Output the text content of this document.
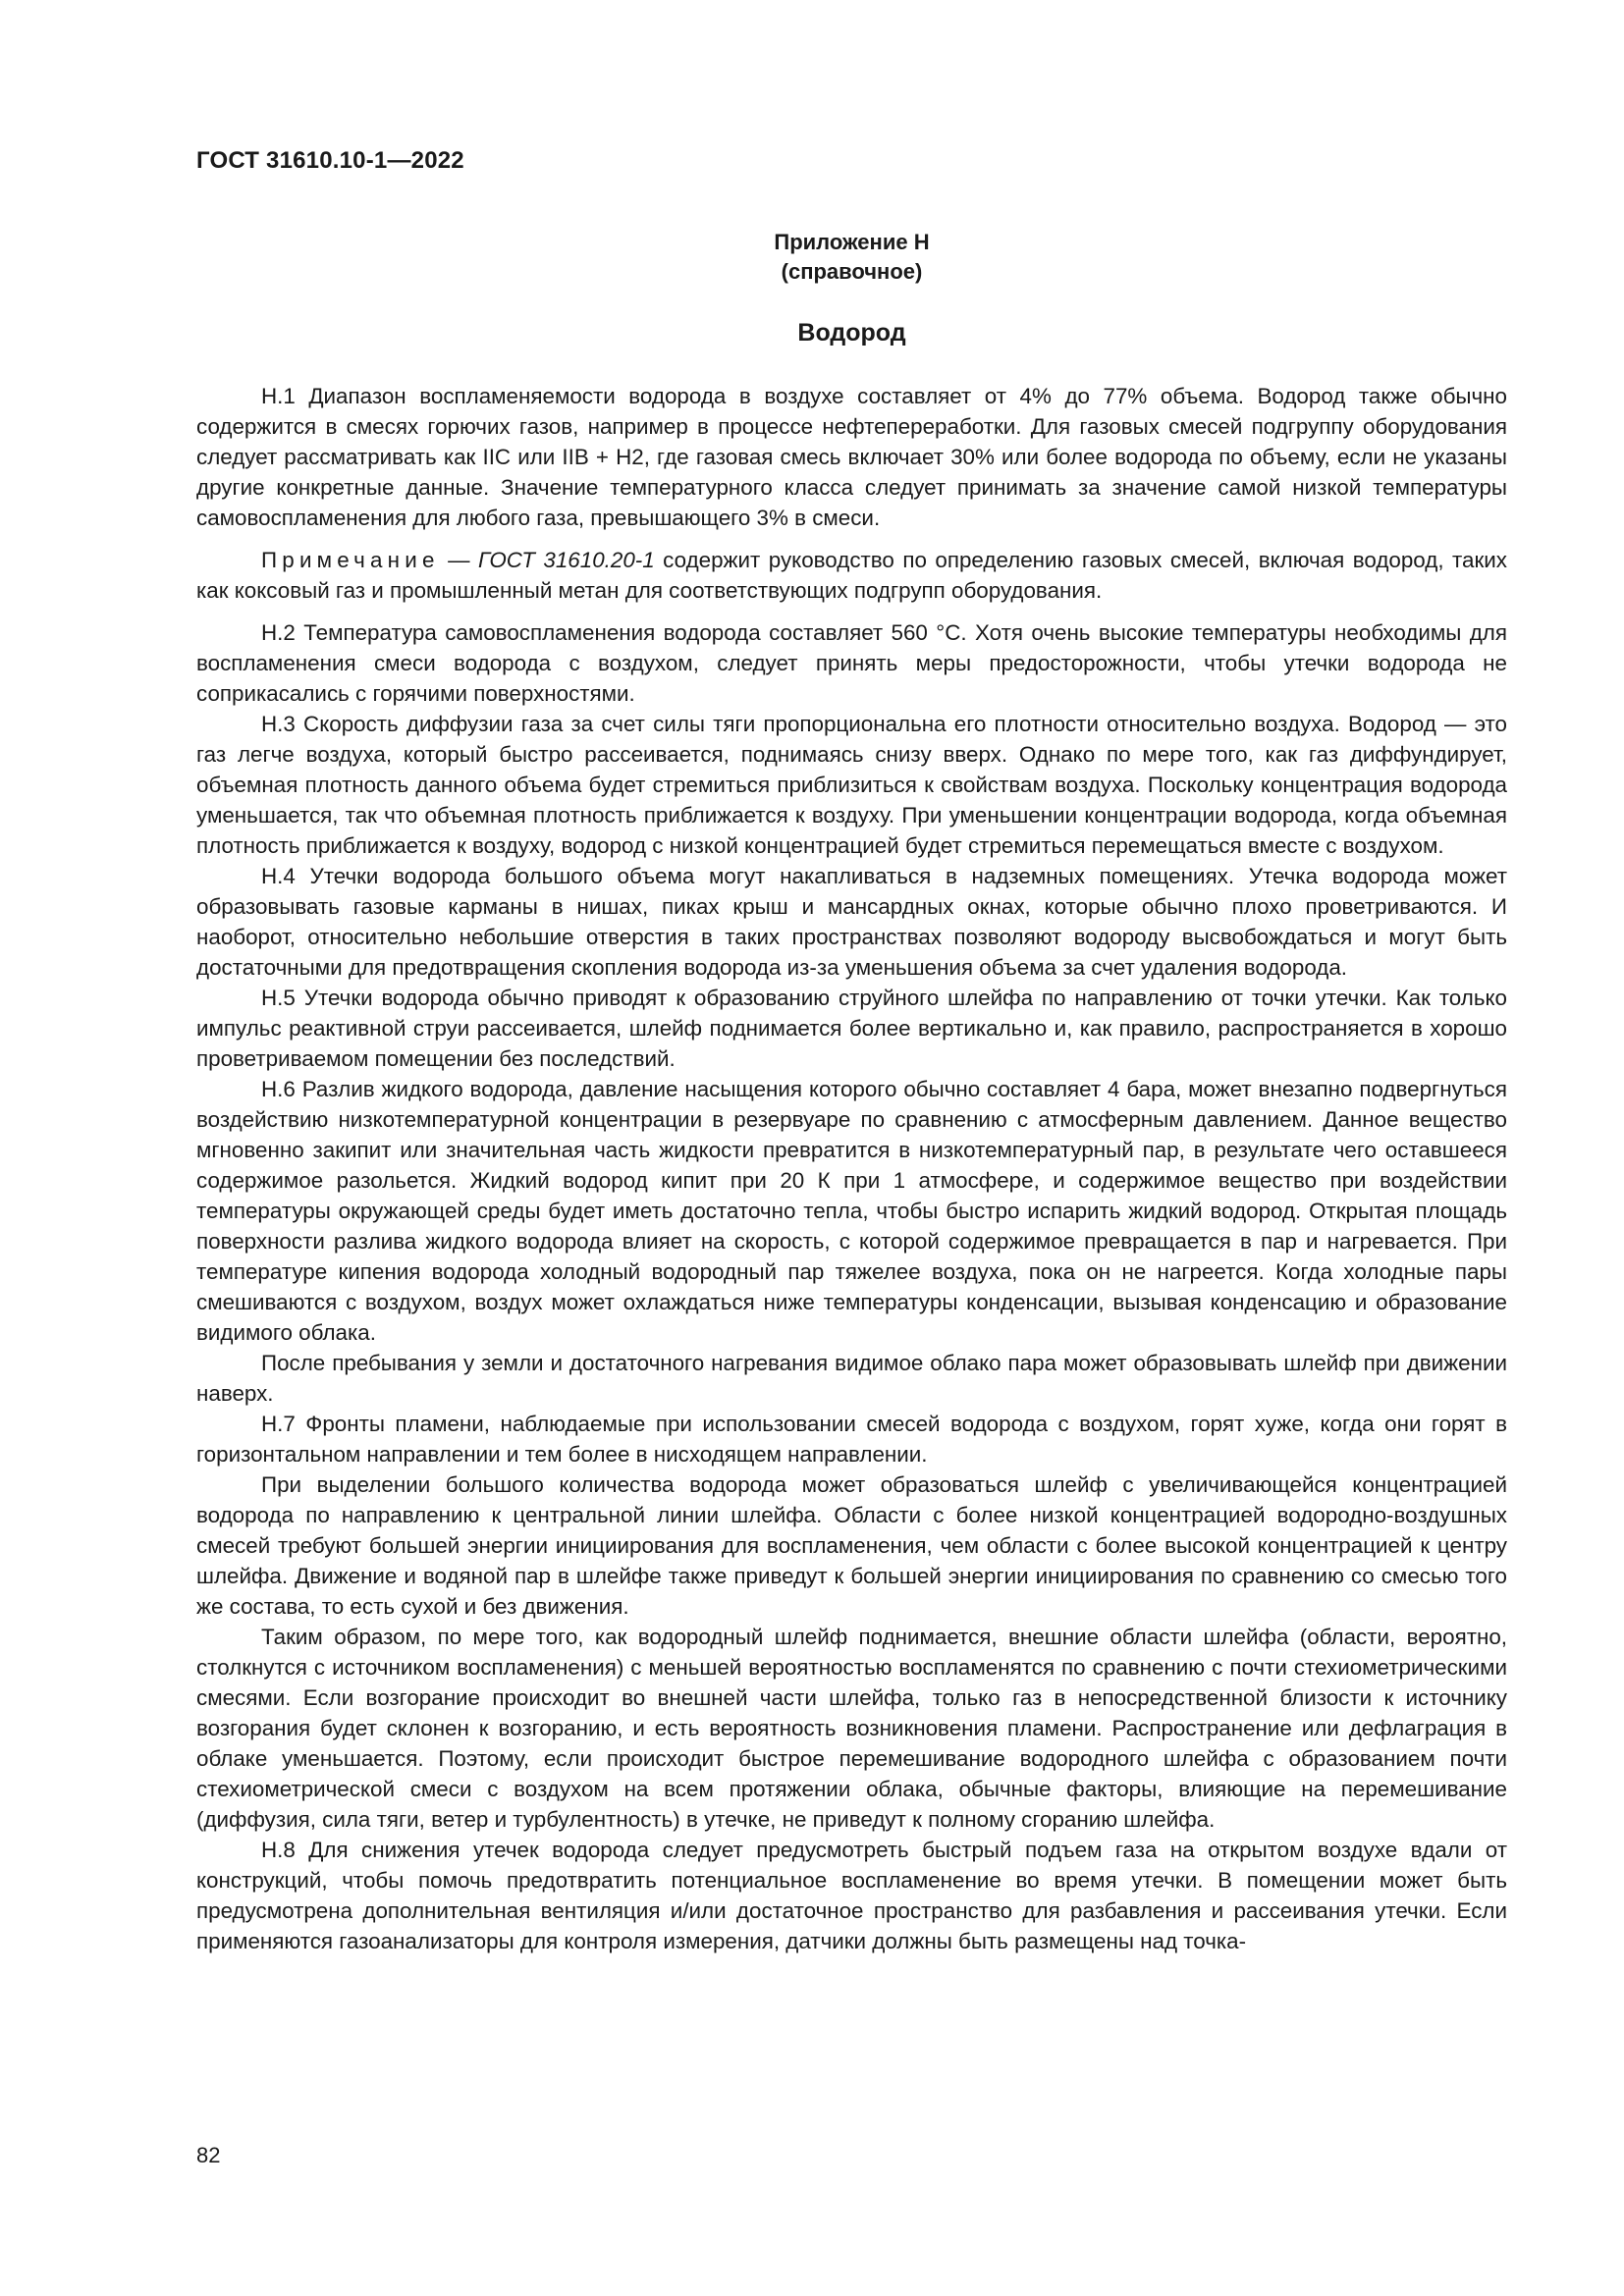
ГОСТ 31610.10-1—2022
Приложение Н
(справочное)
Водород

Н.1 Диапазон воспламеняемости водорода в воздухе составляет от 4% до 77% объема. Водород также обычно содержится в смесях горючих газов, например в процессе нефтепереработки. Для газовых смесей подгруппу оборудования следует рассматривать как IIC или IIB + Н2, где газовая смесь включает 30% или более водорода по объему, если не указаны другие конкретные данные. Значение температурного класса следует принимать за значение самой низкой температуры самовоспламенения для любого газа, превышающего 3% в смеси.

Примечание — ГОСТ 31610.20-1 содержит руководство по определению газовых смесей, включая водород, таких как коксовый газ и промышленный метан для соответствующих подгрупп оборудования.

Н.2 Температура самовоспламенения водорода составляет 560 °С. Хотя очень высокие температуры необходимы для воспламенения смеси водорода с воздухом, следует принять меры предосторожности, чтобы утечки водорода не соприкасались с горячими поверхностями.

Н.3 Скорость диффузии газа за счет силы тяги пропорциональна его плотности относительно воздуха. Водород — это газ легче воздуха, который быстро рассеивается, поднимаясь снизу вверх. Однако по мере того, как газ диффундирует, объемная плотность данного объема будет стремиться приблизиться к свойствам воздуха. Поскольку концентрация водорода уменьшается, так что объемная плотность приближается к воздуху. При уменьшении концентрации водорода, когда объемная плотность приближается к воздуху, водород с низкой концентрацией будет стремиться перемещаться вместе с воздухом.

Н.4 Утечки водорода большого объема могут накапливаться в надземных помещениях. Утечка водорода может образовывать газовые карманы в нишах, пиках крыш и мансардных окнах, которые обычно плохо проветриваются. И наоборот, относительно небольшие отверстия в таких пространствах позволяют водороду высвобождаться и могут быть достаточными для предотвращения скопления водорода из-за уменьшения объема за счет удаления водорода.

Н.5 Утечки водорода обычно приводят к образованию струйного шлейфа по направлению от точки утечки. Как только импульс реактивной струи рассеивается, шлейф поднимается более вертикально и, как правило, распространяется в хорошо проветриваемом помещении без последствий.

Н.6 Разлив жидкого водорода, давление насыщения которого обычно составляет 4 бара, может внезапно подвергнуться воздействию низкотемпературной концентрации в резервуаре по сравнению с атмосферным давлением. Данное вещество мгновенно закипит или значительная часть жидкости превратится в низкотемпературный пар, в результате чего оставшееся содержимое разольется. Жидкий водород кипит при 20 К при 1 атмосфере, и содержимое вещество при воздействии температуры окружающей среды будет иметь достаточно тепла, чтобы быстро испарить жидкий водород. Открытая площадь поверхности разлива жидкого водорода влияет на скорость, с которой содержимое превращается в пар и нагревается. При температуре кипения водорода холодный водородный пар тяжелее воздуха, пока он не нагреется. Когда холодные пары смешиваются с воздухом, воздух может охлаждаться ниже температуры конденсации, вызывая конденсацию и образование видимого облака.

После пребывания у земли и достаточного нагревания видимое облако пара может образовывать шлейф при движении наверх.

Н.7 Фронты пламени, наблюдаемые при использовании смесей водорода с воздухом, горят хуже, когда они горят в горизонтальном направлении и тем более в нисходящем направлении.

При выделении большого количества водорода может образоваться шлейф с увеличивающейся концентрацией водорода по направлению к центральной линии шлейфа. Области с более низкой концентрацией водородно-воздушных смесей требуют большей энергии инициирования для воспламенения, чем области с более высокой концентрацией к центру шлейфа. Движение и водяной пар в шлейфе также приведут к большей энергии инициирования по сравнению со смесью того же состава, то есть сухой и без движения.

Таким образом, по мере того, как водородный шлейф поднимается, внешние области шлейфа (области, вероятно, столкнутся с источником воспламенения) с меньшей вероятностью воспламенятся по сравнению с почти стехиометрическими смесями. Если возгорание происходит во внешней части шлейфа, только газ в непосредственной близости к источнику возгорания будет склонен к возгоранию, и есть вероятность возникновения пламени. Распространение или дефлаграция в облаке уменьшается. Поэтому, если происходит быстрое перемешивание водородного шлейфа с образованием почти стехиометрической смеси с воздухом на всем протяжении облака, обычные факторы, влияющие на перемешивание (диффузия, сила тяги, ветер и турбулентность) в утечке, не приведут к полному сгоранию шлейфа.

Н.8 Для снижения утечек водорода следует предусмотреть быстрый подъем газа на открытом воздухе вдали от конструкций, чтобы помочь предотвратить потенциальное воспламенение во время утечки. В помещении может быть предусмотрена дополнительная вентиляция и/или достаточное пространство для разбавления и рассеивания утечки. Если применяются газоанализаторы для контроля измерения, датчики должны быть размещены над точка-

82
